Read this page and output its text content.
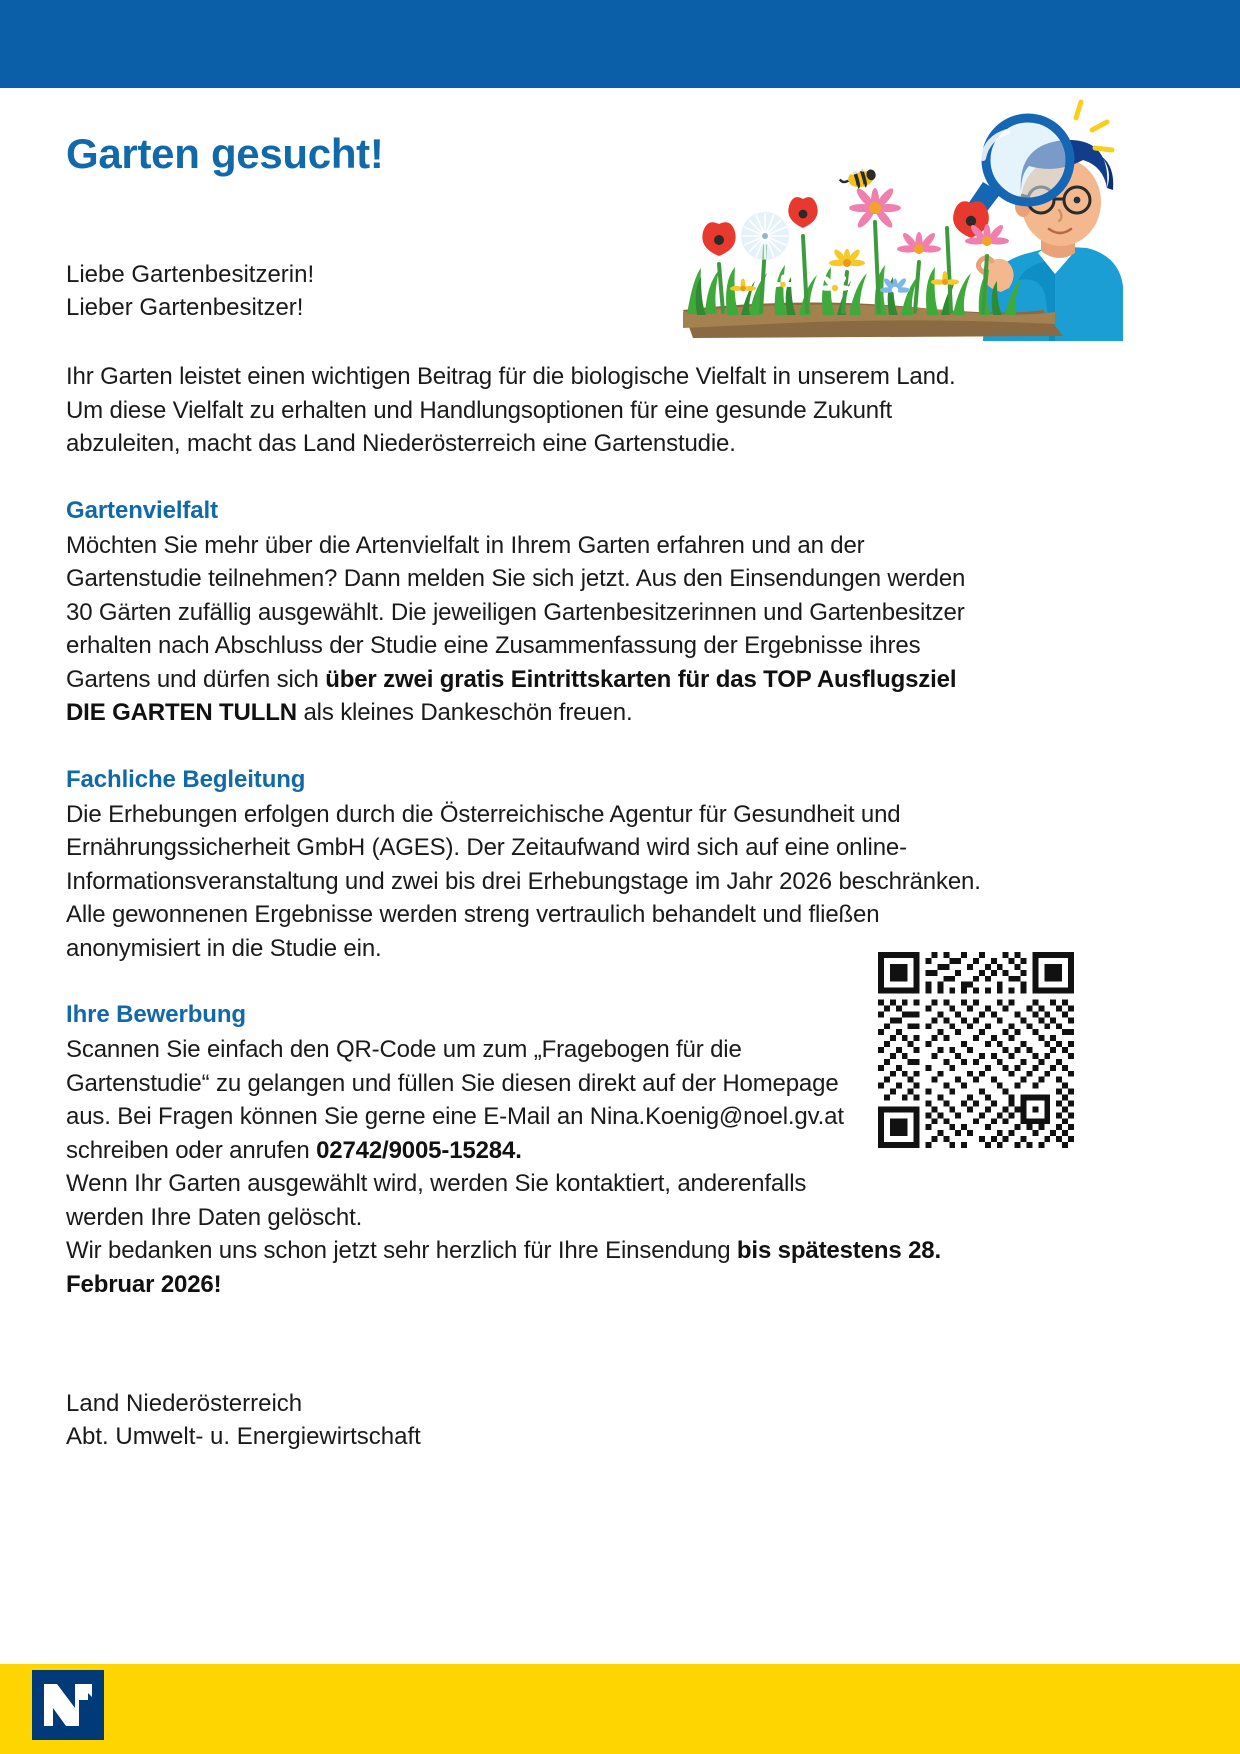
Garten gesucht!
Liebe Gartenbesitzerin!
Lieber Gartenbesitzer!

Ihr Garten leistet einen wichtigen Beitrag für die biologische Vielfalt in unserem Land. Um diese Vielfalt zu erhalten und Handlungsoptionen für eine gesunde Zukunft abzuleiten, macht das Land Niederösterreich eine Gartenstudie.

Gartenvielfalt

Möchten Sie mehr über die Artenvielfalt in Ihrem Garten erfahren und an der Gartenstudie teilnehmen? Dann melden Sie sich jetzt. Aus den Einsendungen werden 30 Gärten zufällig ausgewählt. Die jeweiligen Gartenbesitzerinnen und Gartenbesitzer erhalten nach Abschluss der Studie eine Zusammenfassung der Ergebnisse ihres Gartens und dürfen sich über zwei gratis Eintrittskarten für das TOP Ausflugsziel DIE GARTEN TULLN als kleines Dankeschön freuen.

Fachliche Begleitung

Die Erhebungen erfolgen durch die Österreichische Agentur für Gesundheit und Ernährungssicherheit GmbH (AGES). Der Zeitaufwand wird sich auf eine online-Informationsveranstaltung und zwei bis drei Erhebungstage im Jahr 2026 beschränken. Alle gewonnenen Ergebnisse werden streng vertraulich behandelt und fließen anonymisiert in die Studie ein.

Ihre Bewerbung

Scannen Sie einfach den QR-Code um zum „Fragebogen für die Gartenstudie“ zu gelangen und füllen Sie diesen direkt auf der Homepage aus. Bei Fragen können Sie gerne eine E-Mail an Nina.Koenig@noel.gv.at schreiben oder anrufen 02742/9005-15284.

Wenn Ihr Garten ausgewählt wird, werden Sie kontaktiert, anderenfalls werden Ihre Daten gelöscht.

Wir bedanken uns schon jetzt sehr herzlich für Ihre Einsendung bis spätestens 28. Februar 2026!

Land Niederösterreich
Abt. Umwelt- u. Energiewirtschaft
